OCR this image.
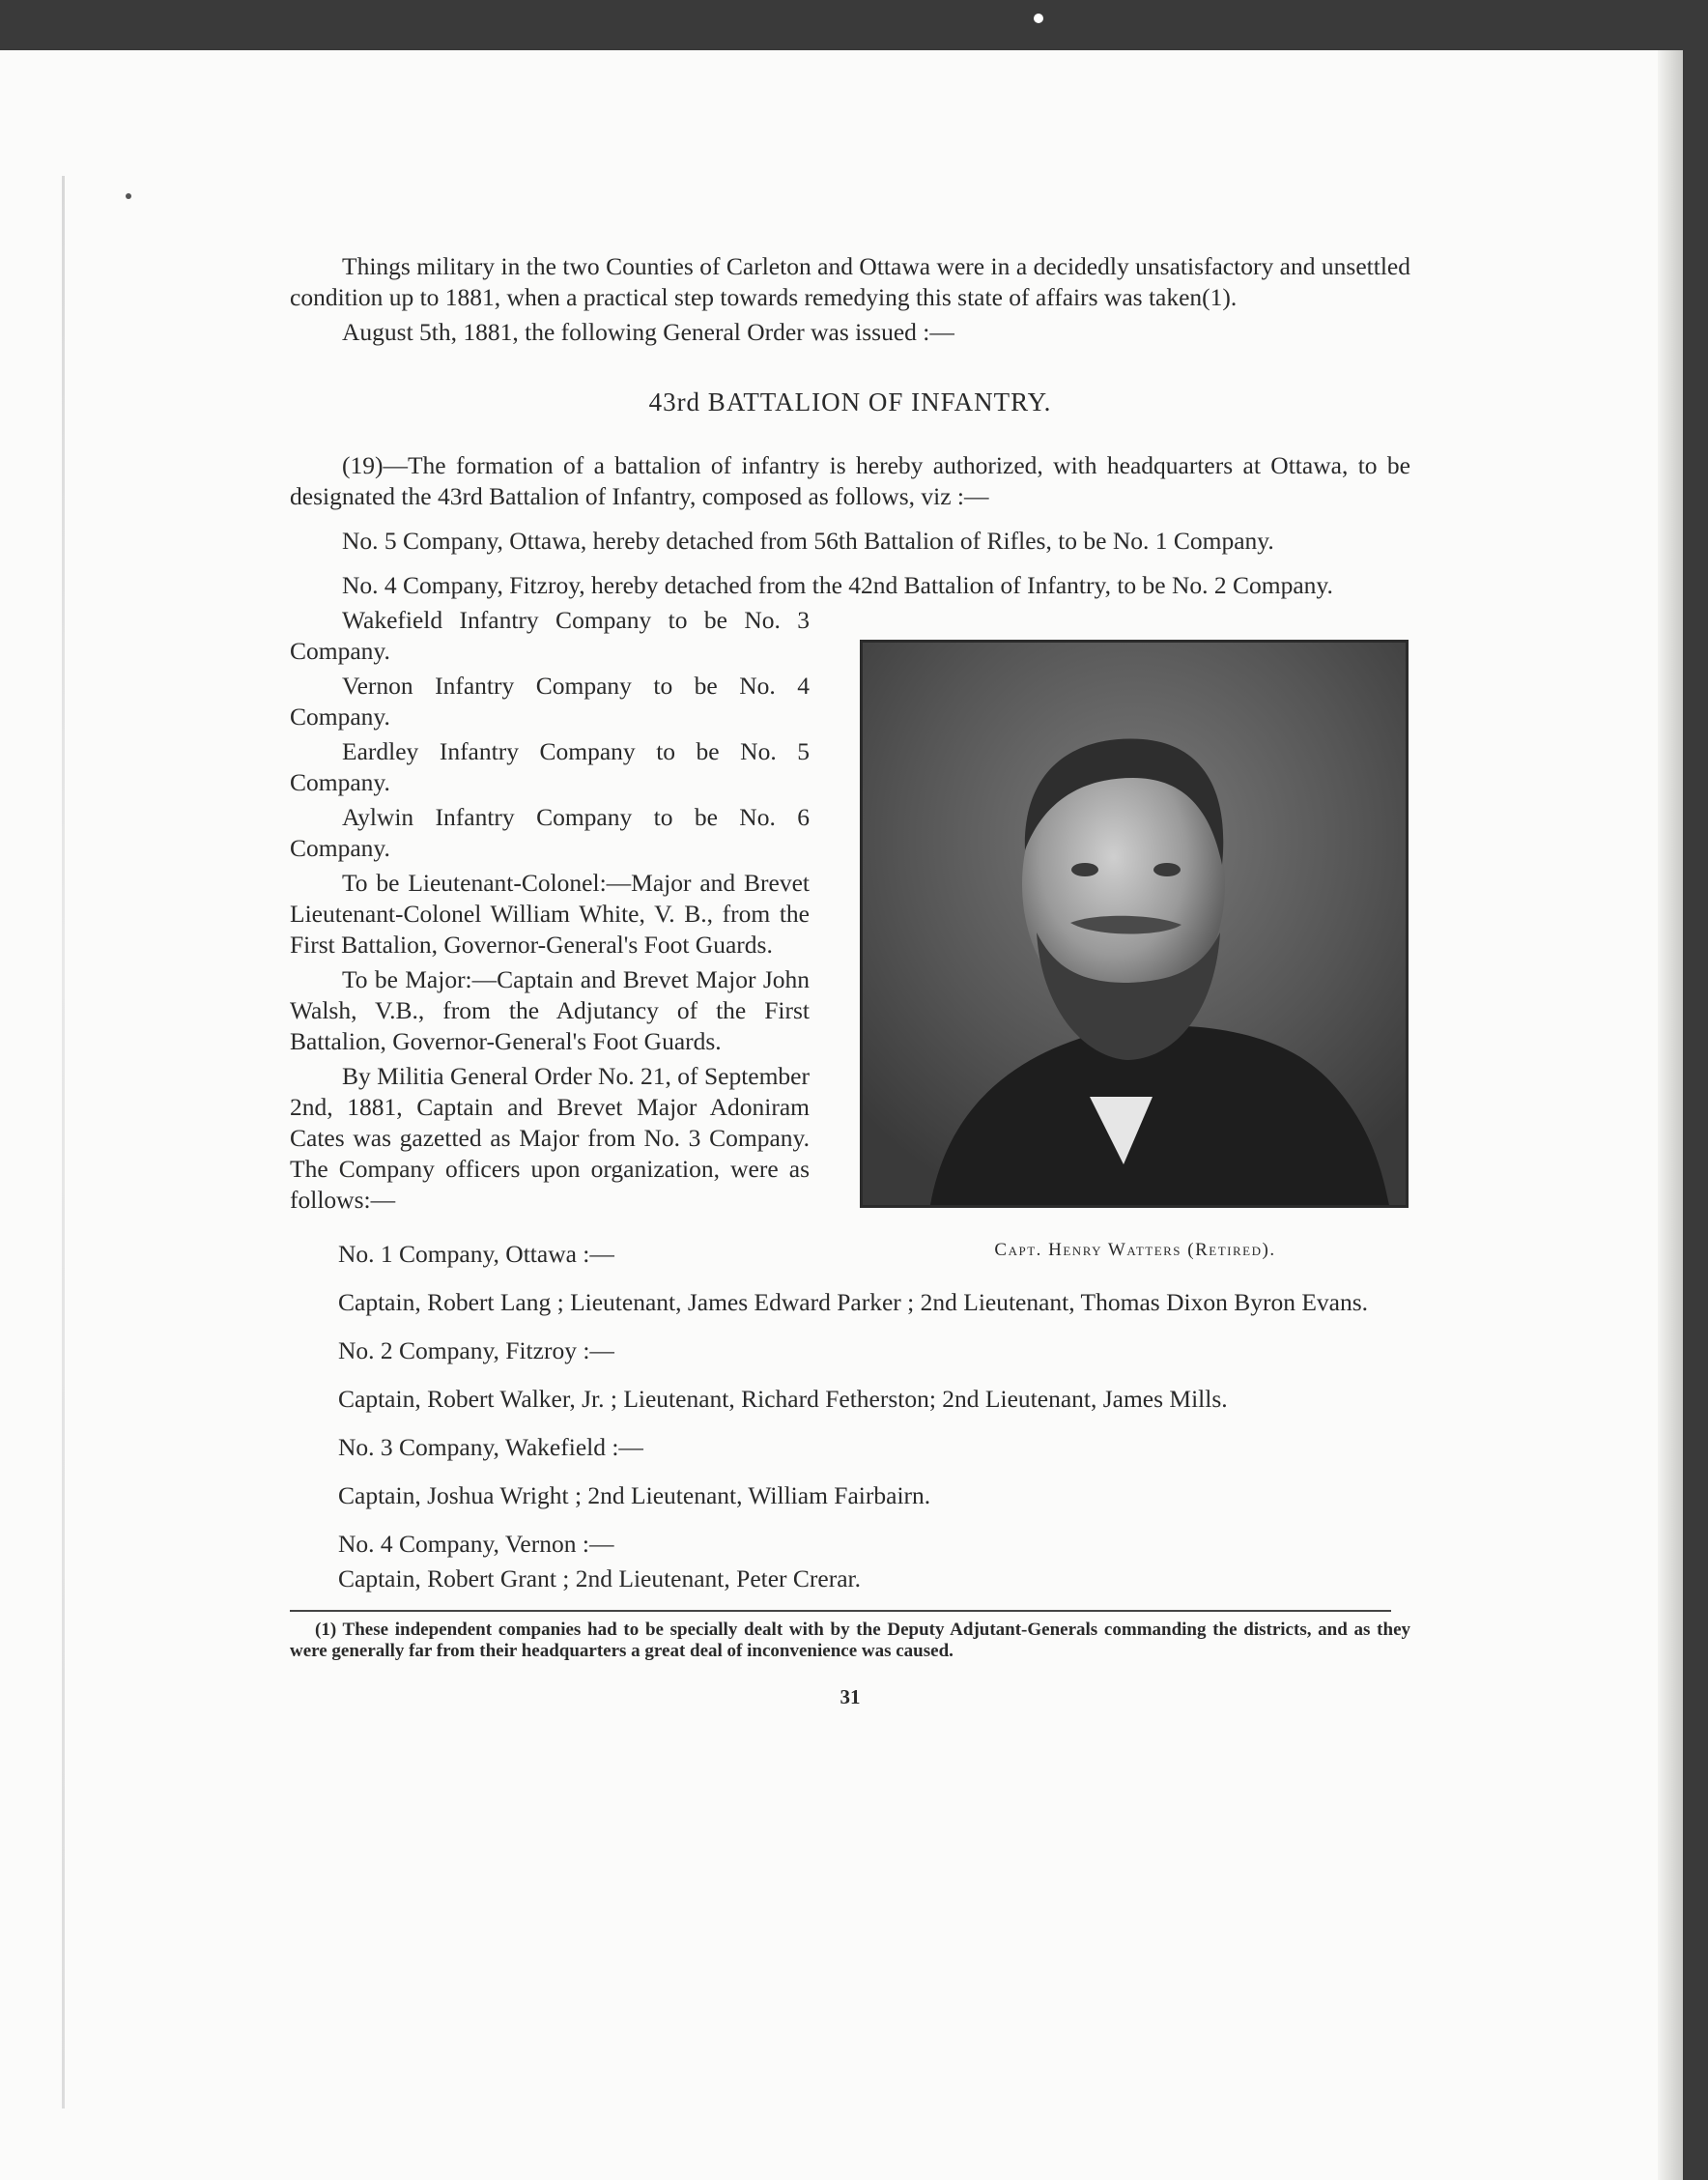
Things military in the two Counties of Carleton and Ottawa were in a decidedly unsatisfactory and unsettled condition up to 1881, when a practical step towards remedying this state of affairs was taken(1).

August 5th, 1881, the following General Order was issued :—

43rd BATTALION OF INFANTRY.

(19)—The formation of a battalion of infantry is hereby authorized, with headquarters at Ottawa, to be designated the 43rd Battalion of Infantry, composed as follows, viz :—

No. 5 Company, Ottawa, hereby detached from 56th Battalion of Rifles, to be No. 1 Company.

No. 4 Company, Fitzroy, hereby detached from the 42nd Battalion of Infantry, to be No. 2 Company.

Capt. Henry Watters (Retired).

Wakefield Infantry Company to be No. 3 Company.

Vernon Infantry Company to be No. 4 Company.

Eardley Infantry Company to be No. 5 Company.

Aylwin Infantry Company to be No. 6 Company.

To be Lieutenant-Colonel:—Major and Brevet Lieutenant-Colonel William White, V. B., from the First Battalion, Governor-General's Foot Guards.

To be Major:—Captain and Brevet Major John Walsh, V.B., from the Adjutancy of the First Battalion, Governor-General's Foot Guards.

By Militia General Order No. 21, of September 2nd, 1881, Captain and Brevet Major Adoniram Cates was gazetted as Major from No. 3 Company. The Company officers upon organization, were as follows:—

No. 1 Company, Ottawa :—

Captain, Robert Lang ; Lieutenant, James Edward Parker ; 2nd Lieutenant, Thomas Dixon Byron Evans.

No. 2 Company, Fitzroy :—

Captain, Robert Walker, Jr. ; Lieutenant, Richard Fetherston; 2nd Lieutenant, James Mills.

No. 3 Company, Wakefield :—

Captain, Joshua Wright ; 2nd Lieutenant, William Fairbairn.

No. 4 Company, Vernon :—

Captain, Robert Grant ; 2nd Lieutenant, Peter Crerar.

(1) These independent companies had to be specially dealt with by the Deputy Adjutant-Generals commanding the districts, and as they were generally far from their headquarters a great deal of inconvenience was caused.

31
